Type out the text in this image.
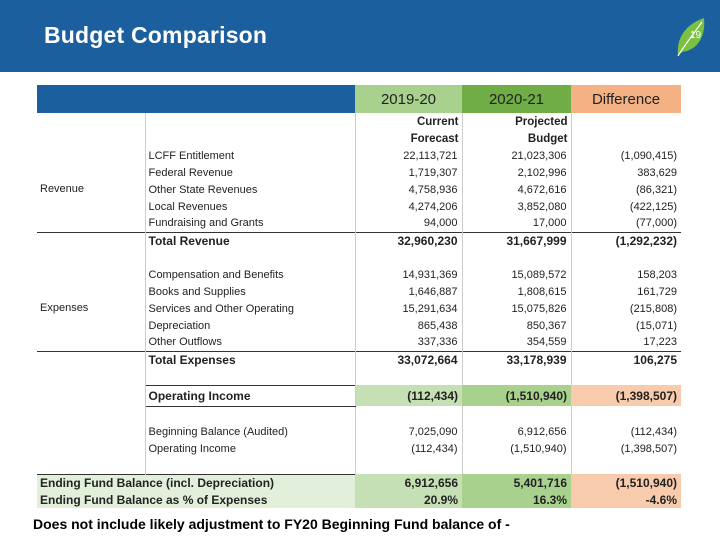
Budget Comparison	19
		2019-20	2020-21	Difference
		Current	Projected	
		Forecast	Budget	
Revenue	LCFF Entitlement	22,113,721	21,023,306	(1,090,415)
	Federal Revenue	1,719,307	2,102,996	383,629
	Other State Revenues	4,758,936	4,672,616	(86,321)
	Local Revenues	4,274,206	3,852,080	(422,125)
	Fundraising and Grants	94,000	17,000	(77,000)
	Total Revenue	32,960,230	31,667,999	(1,292,232)

Expenses	Compensation and Benefits	14,931,369	15,089,572	158,203
	Books and Supplies	1,646,887	1,808,615	161,729
	Services and Other Operating	15,291,634	15,075,826	(215,808)
	Depreciation	865,438	850,367	(15,071)
	Other Outflows	337,336	354,559	17,223
	Total Expenses	33,072,664	33,178,939	106,275

	Operating Income	(112,434)	(1,510,940)	(1,398,507)

	Beginning Balance (Audited)	7,025,090	6,912,656	(112,434)
	Operating Income	(112,434)	(1,510,940)	(1,398,507)

Ending Fund Balance (incl. Depreciation)		6,912,656	5,401,716	(1,510,940)
Ending Fund Balance as % of Expenses		20.9%	16.3%	-4.6%
Does not include likely adjustment to FY20 Beginning Fund balance of -
